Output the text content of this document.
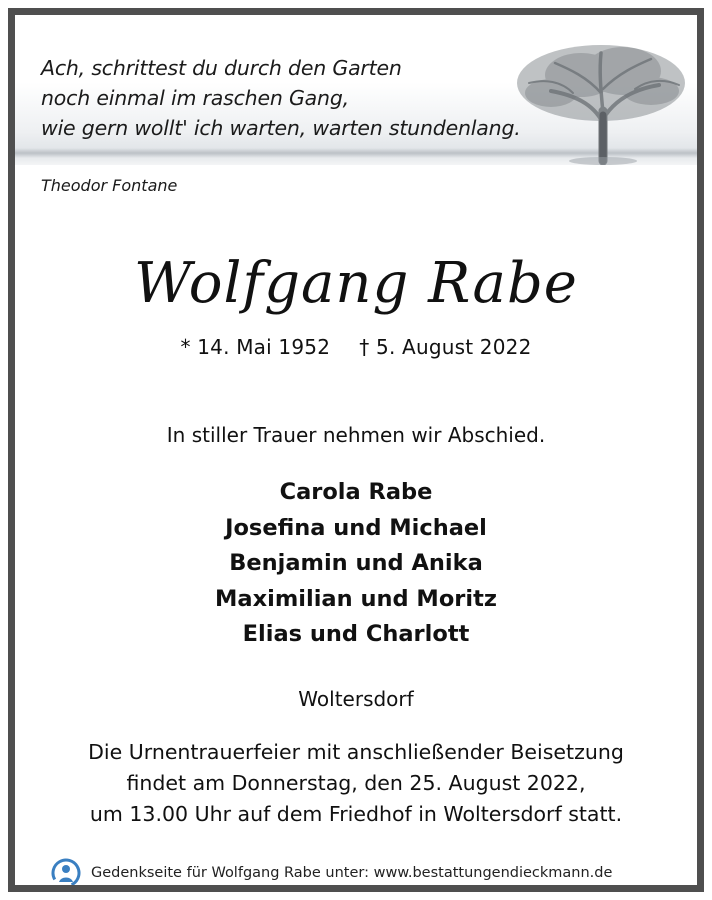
Ach, schrittest du durch den Garten
noch einmal im raschen Gang,
wie gern wollt' ich warten, warten stundenlang.
Theodor Fontane
Wolfgang Rabe
* 14. Mai 1952 † 5. August 2022
In stiller Trauer nehmen wir Abschied.
Carola Rabe
Josefina und Michael
Benjamin und Anika
Maximilian und Moritz
Elias und Charlott
Woltersdorf
Die Urnentrauerfeier mit anschließender Beisetzung
findet am Donnerstag, den 25. August 2022,
um 13.00 Uhr auf dem Friedhof in Woltersdorf statt.
Gedenkseite für Wolfgang Rabe unter: www.bestattungendieckmann.de
